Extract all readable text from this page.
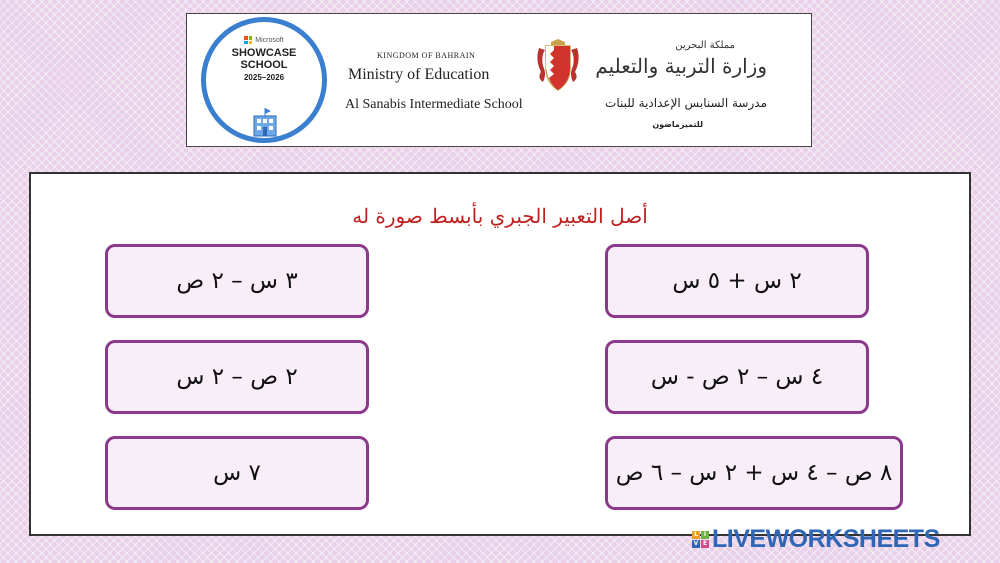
Microsoft
SHOWCASE
SCHOOL
2025–2026
KINGDOM OF BAHRAIN
Ministry of Education
Al Sanabis Intermediate School
مملكة البحرين
وزارة التربية والتعليم
مدرسة السنابس الإعدادية للبنات
للتميزماضون
أصل التعبير الجبري بأبسط صورة له
٢ س + ٥ س
٤ س – ٢ ص - س
٨ ص – ٤ س + ٢ س – ٦ ص
٣ س – ٢ ص
٢ ص – ٢ س
٧ س
L I
V E LIVEWORKSHEETS
